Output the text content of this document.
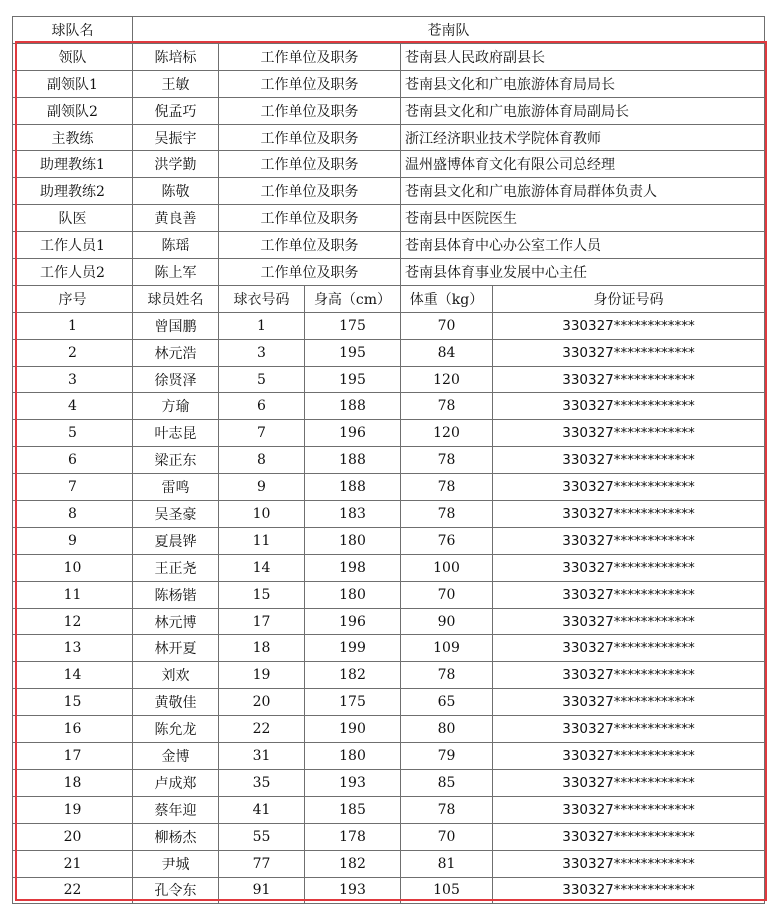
球队名	苍南队				
领队	陈培标	工作单位及职务		苍南县人民政府副县长	
副领队1	王敏	工作单位及职务		苍南县文化和广电旅游体育局局长	
副领队2	倪孟巧	工作单位及职务		苍南县文化和广电旅游体育局副局长	
主教练	吴振宇	工作单位及职务		浙江经济职业技术学院体育教师	
助理教练1	洪学勤	工作单位及职务		温州盛博体育文化有限公司总经理	
助理教练2	陈敬	工作单位及职务		苍南县文化和广电旅游体育局群体负责人	
队医	黄良善	工作单位及职务		苍南县中医院医生	
工作人员1	陈瑶	工作单位及职务		苍南县体育中心办公室工作人员	
工作人员2	陈上军	工作单位及职务		苍南县体育事业发展中心主任	
序号	球员姓名	球衣号码	身高（cm）	体重（kg）	身份证号码
1	曾国鹏	1	175	70	330327************
2	林元浩	3	195	84	330327************
3	徐贤泽	5	195	120	330327************
4	方瑜	6	188	78	330327************
5	叶志昆	7	196	120	330327************
6	梁正东	8	188	78	330327************
7	雷鸣	9	188	78	330327************
8	吴圣豪	10	183	78	330327************
9	夏晨铧	11	180	76	330327************
10	王正尧	14	198	100	330327************
11	陈杨锴	15	180	70	330327************
12	林元博	17	196	90	330327************
13	林开夏	18	199	109	330327************
14	刘欢	19	182	78	330327************
15	黄敬佳	20	175	65	330327************
16	陈允龙	22	190	80	330327************
17	金博	31	180	79	330327************
18	卢成郑	35	193	85	330327************
19	蔡年迎	41	185	78	330327************
20	柳杨杰	55	178	70	330327************
21	尹城	77	182	81	330327************
22	孔令东	91	193	105	330327************
